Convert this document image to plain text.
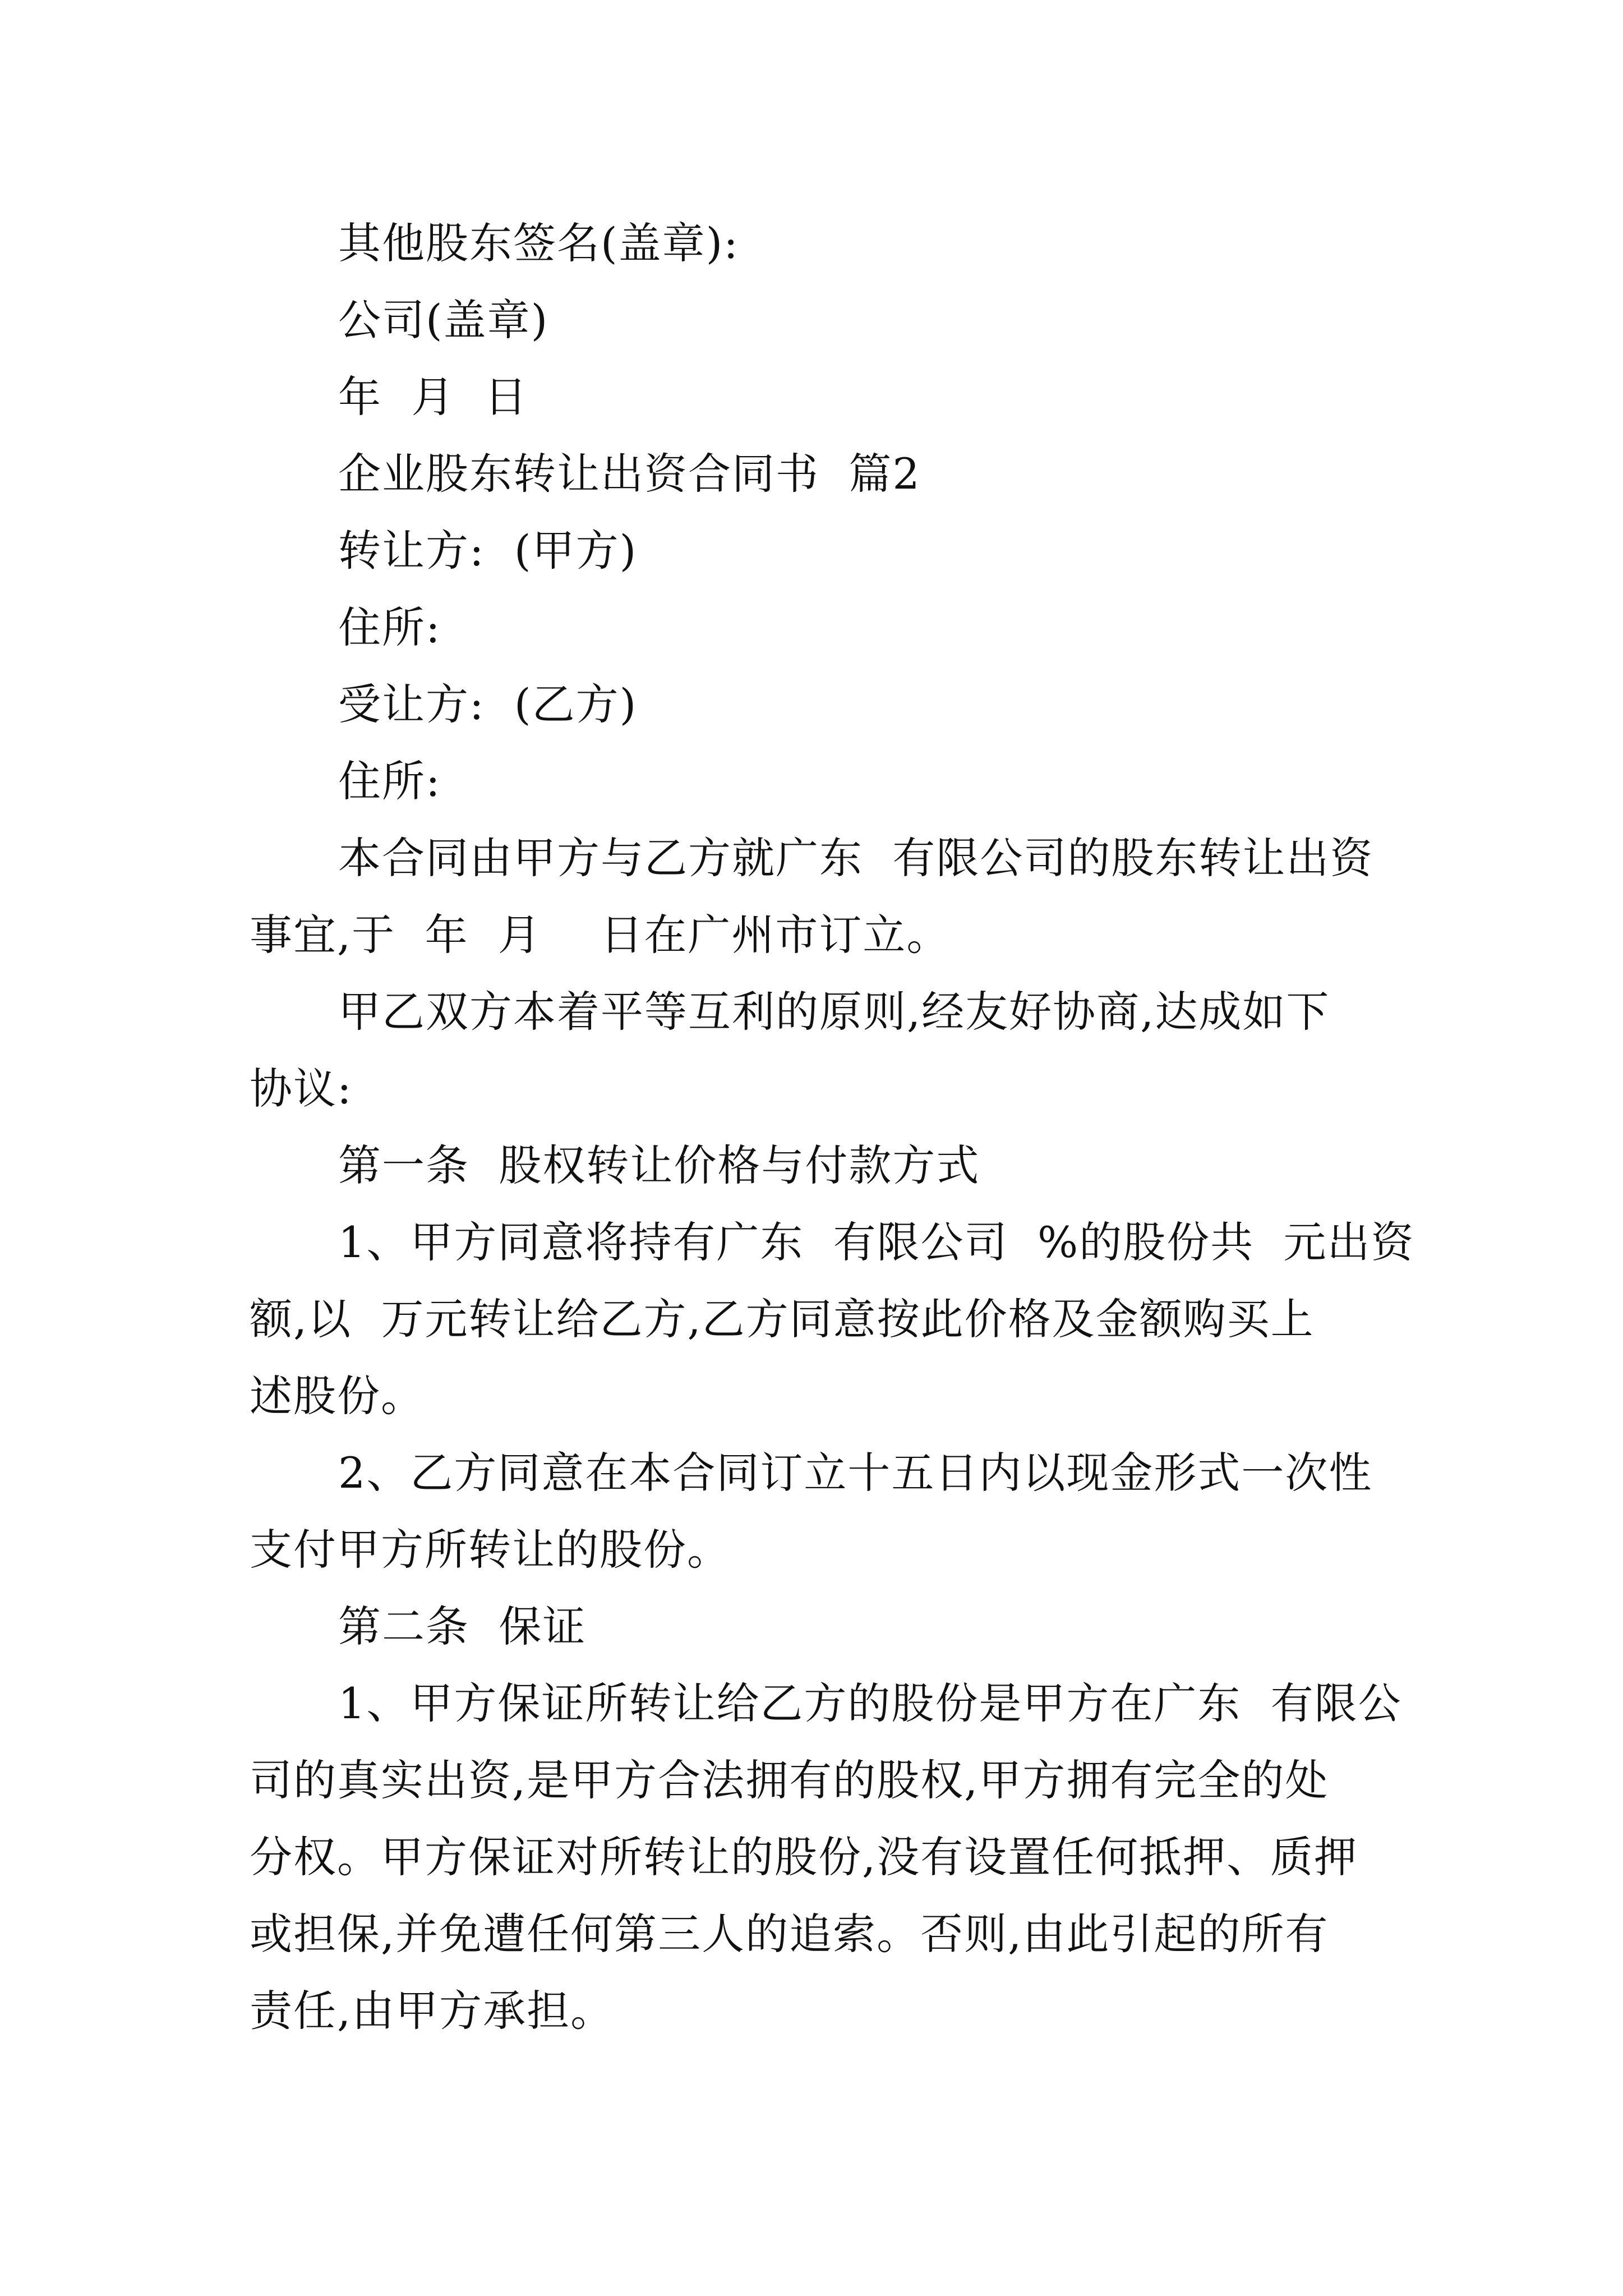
其他股东签名(盖章):
公司(盖章)
年  月  日
企业股东转让出资合同书  篇2
转让方:  (甲方)
住所:
受让方:  (乙方)
住所:
本合同由甲方与乙方就广东  有限公司的股东转让出资
事宜,于  年  月    日在广州市订立。
甲乙双方本着平等互利的原则,经友好协商,达成如下
协议:
第一条  股权转让价格与付款方式
1、甲方同意将持有广东  有限公司  %的股份共  元出资
额,以  万元转让给乙方,乙方同意按此价格及金额购买上
述股份。
2、乙方同意在本合同订立十五日内以现金形式一次性
支付甲方所转让的股份。
第二条  保证
1、甲方保证所转让给乙方的股份是甲方在广东  有限公
司的真实出资,是甲方合法拥有的股权,甲方拥有完全的处
分权。甲方保证对所转让的股份,没有设置任何抵押、质押
或担保,并免遭任何第三人的追索。否则,由此引起的所有
责任,由甲方承担。
